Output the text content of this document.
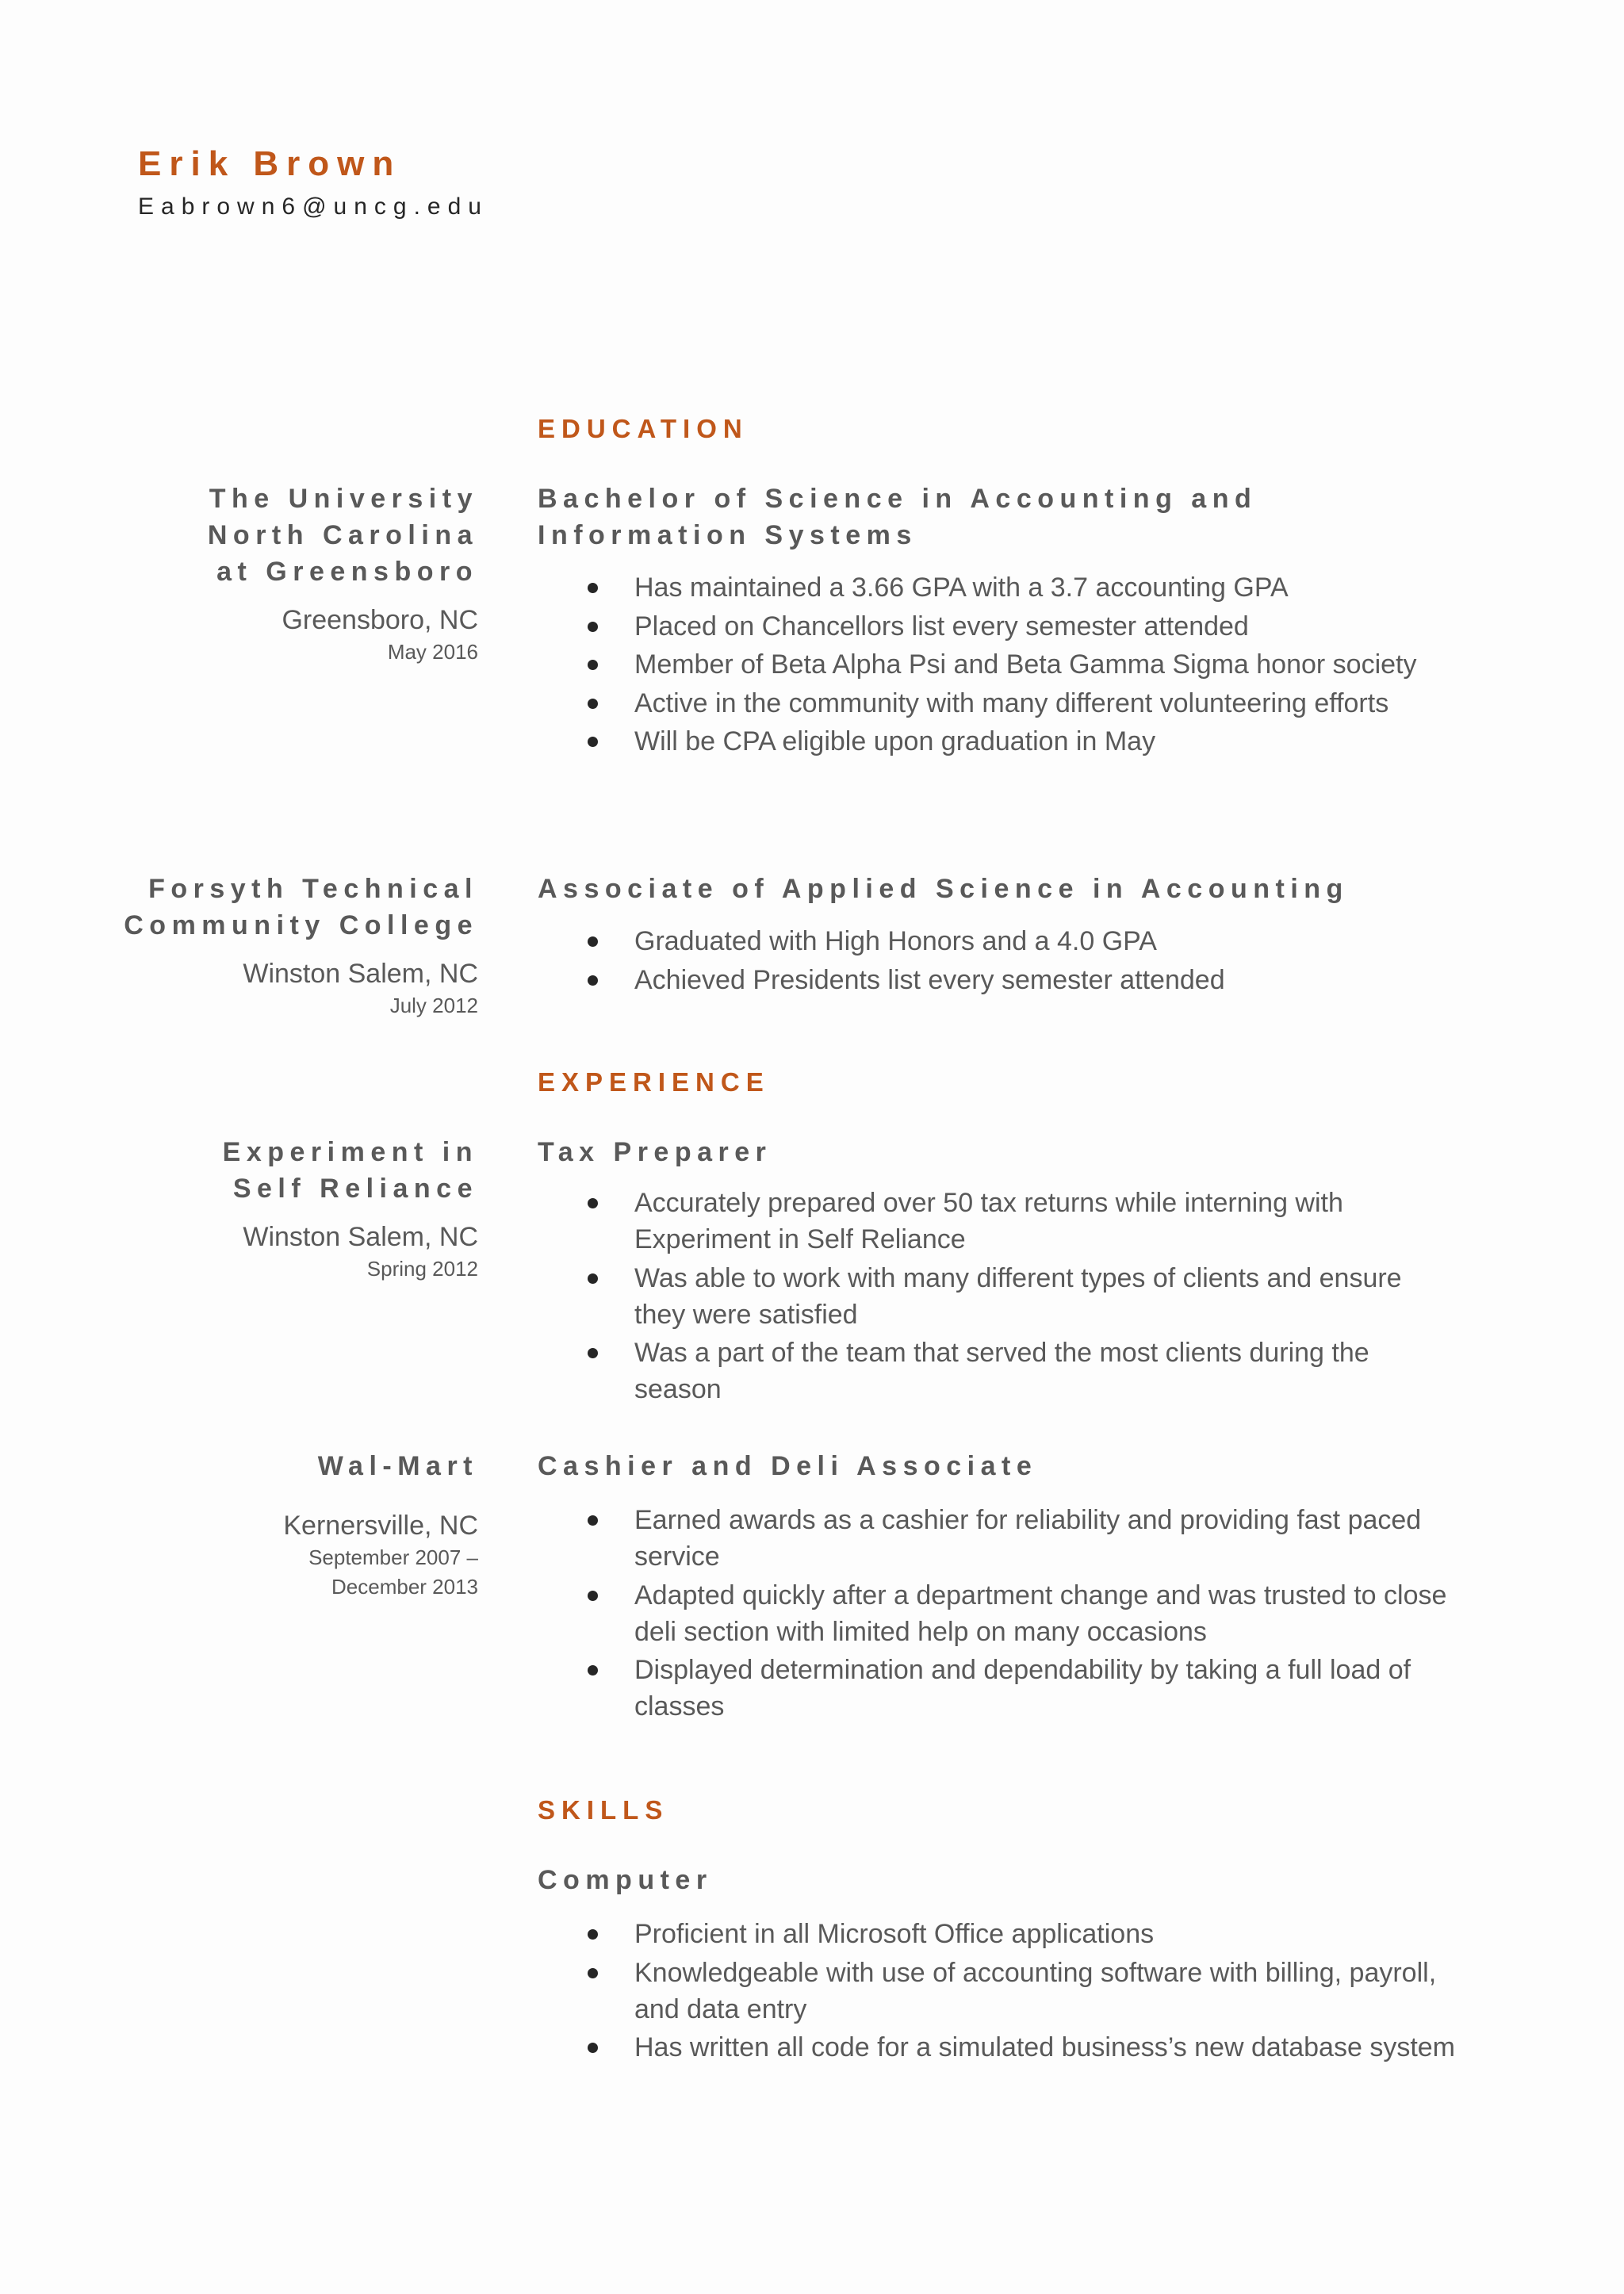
Erik Brown
Eabrown6@uncg.edu
EDUCATION
The University North Carolina at Greensboro
Greensboro, NC
May 2016
Bachelor of Science in Accounting and Information Systems
Has maintained a 3.66 GPA with a 3.7 accounting GPA
Placed on Chancellors list every semester attended
Member of Beta Alpha Psi and Beta Gamma Sigma honor society
Active in the community with many different volunteering efforts
Will be CPA eligible upon graduation in May
Forsyth Technical Community College
Winston Salem, NC
July 2012
Associate of Applied Science in Accounting
Graduated with High Honors and a 4.0 GPA
Achieved Presidents list every semester attended
EXPERIENCE
Experiment in Self Reliance
Winston Salem, NC
Spring 2012
Tax Preparer
Accurately prepared over 50 tax returns while interning with Experiment in Self Reliance
Was able to work with many different types of clients and ensure they were satisfied
Was a part of the team that served the most clients during the season
Wal-Mart
Kernersville, NC
September 2007 – December 2013
Cashier and Deli Associate
Earned awards as a cashier for reliability and providing fast paced service
Adapted quickly after a department change and was trusted to close deli section with limited help on many occasions
Displayed determination and dependability by taking a full load of classes
SKILLS
Computer
Proficient in all Microsoft Office applications
Knowledgeable with use of accounting software with billing, payroll, and data entry
Has written all code for a simulated business’s new database system
